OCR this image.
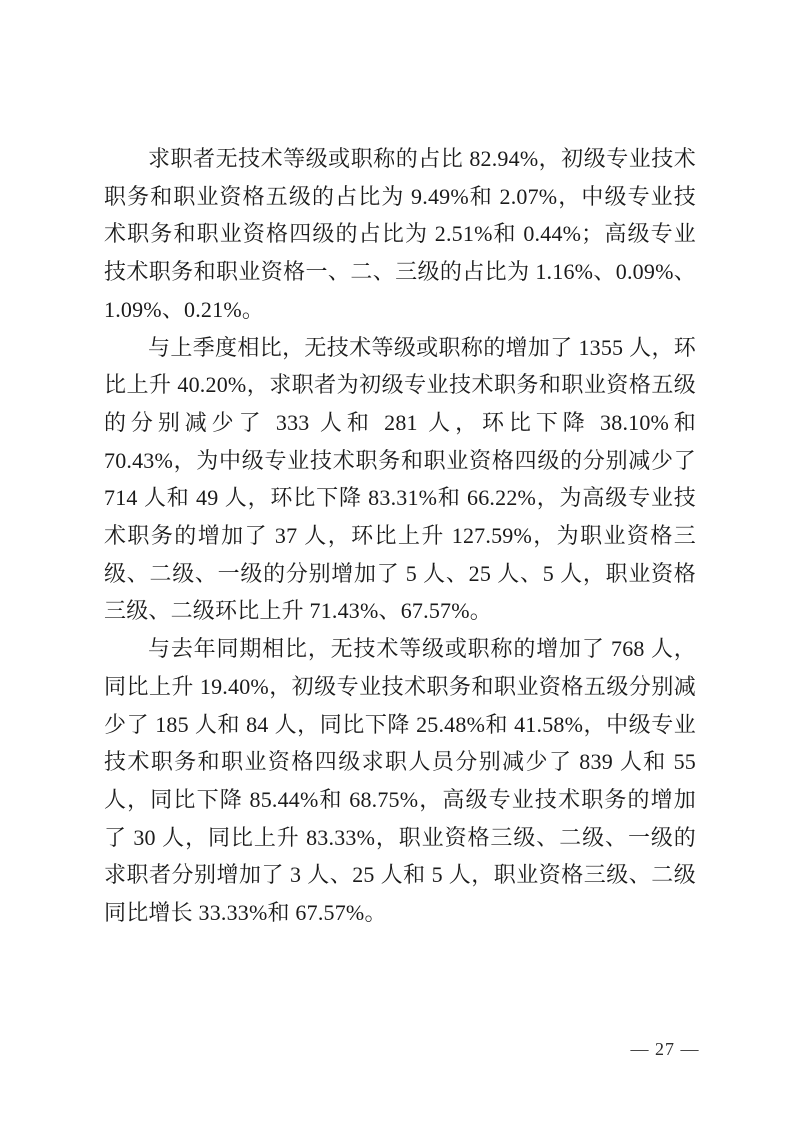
求职者无技术等级或职称的占比 82.94%，初级专业技术职务和职业资格五级的占比为 9.49%和 2.07%，中级专业技术职务和职业资格四级的占比为 2.51%和 0.44%；高级专业技术职务和职业资格一、二、三级的占比为 1.16%、0.09%、1.09%、0.21%。

与上季度相比，无技术等级或职称的增加了 1355 人，环比上升 40.20%，求职者为初级专业技术职务和职业资格五级的分别减少了 333 人和 281 人，环比下降 38.10%和 70.43%，为中级专业技术职务和职业资格四级的分别减少了 714 人和 49 人，环比下降 83.31%和 66.22%，为高级专业技术职务的增加了 37 人，环比上升 127.59%，为职业资格三级、二级、一级的分别增加了 5 人、25 人、5 人，职业资格三级、二级环比上升 71.43%、67.57%。

与去年同期相比，无技术等级或职称的增加了 768 人，同比上升 19.40%，初级专业技术职务和职业资格五级分别减少了 185 人和 84 人，同比下降 25.48%和 41.58%，中级专业技术职务和职业资格四级求职人员分别减少了 839 人和 55 人，同比下降 85.44%和 68.75%，高级专业技术职务的增加了 30 人，同比上升 83.33%，职业资格三级、二级、一级的求职者分别增加了 3 人、25 人和 5 人，职业资格三级、二级同比增长 33.33%和 67.57%。

— 27 —
